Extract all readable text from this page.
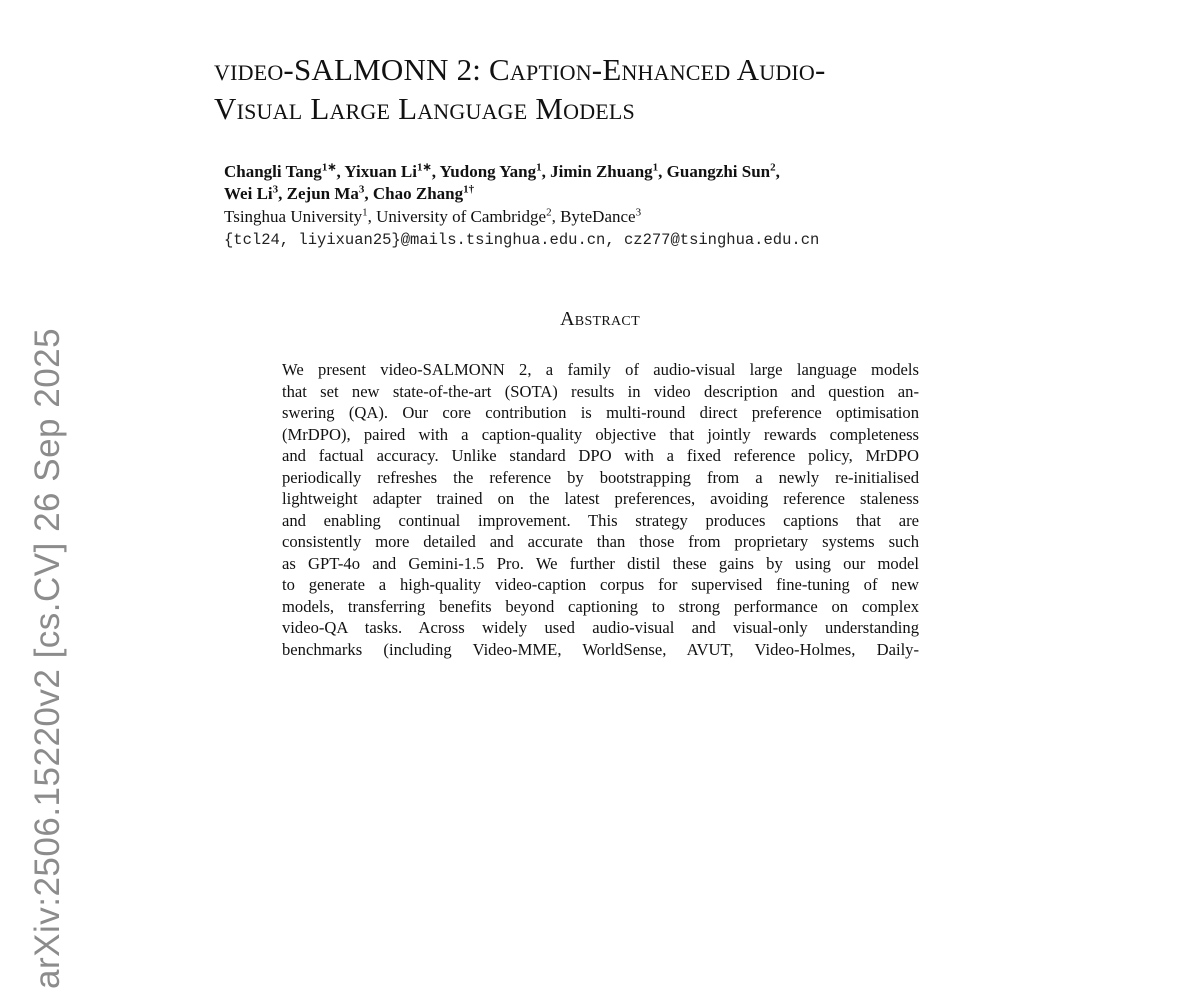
video-SALMONN 2: Caption-Enhanced Audio-
Visual Large Language Models
Changli Tang$^{1∗}$, Yixuan $Li^{1∗}$, Yudong Yang$^1$, Jimin Zhuang$^1$, Guangzhi Sun$^2$,
Wei Li$^3$, Zejun Ma$^3$, Chao Zhang$^{1\dagger}$
Tsinghua University$^1$, University of Cambridge$^2$, ByteDance$^3$
{tcl24, liyixuan25}@mails.tsinghua.edu.cn, cz277@tsinghua.edu.cn
Abstract
We present video-SALMONN 2, a family of audio-visual large language models
that set new state-of-the-art (SOTA) results in video description and question an-
swering (QA). Our core contribution is multi-round direct preference optimisation
(MrDPO), paired with a caption-quality objective that jointly rewards completeness
and factual accuracy. Unlike standard DPO with a fixed reference policy, MrDPO
periodically refreshes the reference by bootstrapping from a newly re-initialised
lightweight adapter trained on the latest preferences, avoiding reference staleness
and enabling continual improvement. This strategy produces captions that are
consistently more detailed and accurate than those from proprietary systems such
as GPT-4o and Gemini-1.5 Pro. We further distil these gains by using our model
to generate a high-quality video-caption corpus for supervised fine-tuning of new
models, transferring benefits beyond captioning to strong performance on complex
video-QA tasks. Across widely used audio-visual and visual-only understanding
benchmarks (including Video-MME, WorldSense, AVUT, Video-Holmes, Daily-
arXiv:2506.15220v2 [cs.CV] 26 Sep 2025
